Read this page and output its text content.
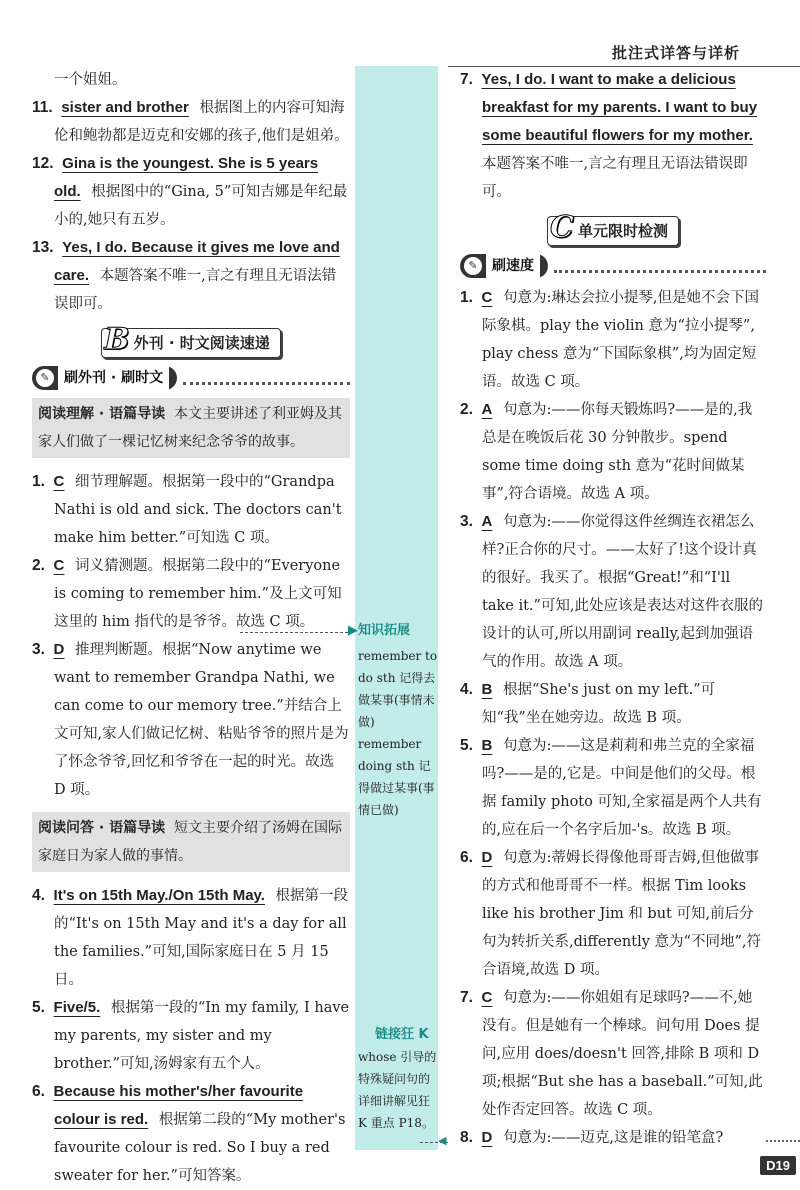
批注式详答与详析

一个姐姐。

11. sister and brother 根据图上的内容可知海伦和鲍勃都是迈克和安娜的孩子,他们是姐弟。

12. Gina is the youngest. She is 5 years old. 根据图中的“Gina, 5”可知吉娜是年纪最小的,她只有五岁。

13. Yes, I do. Because it gives me love and care. 本题答案不唯一,言之有理且无语法错误即可。

B 外刊 · 时文阅读速递
✎	刷外刊 · 刷时文
阅读理解 · 语篇导读 本文主要讲述了利亚姆及其家人们做了一棵记忆树来纪念爷爷的故事。

1. C 细节理解题。根据第一段中的“Grandpa Nathi is old and sick. The doctors can't make him better.”可知选 C 项。

2. C 词义猜测题。根据第二段中的“Everyone is coming to remember him.”及上文可知这里的 him 指代的是爷爷。故选 C 项。

3. D 推理判断题。根据“Now anytime we want to remember Grandpa Nathi, we can come to our memory tree.”并结合上文可知,家人们做记忆树、粘贴爷爷的照片是为了怀念爷爷,回忆和爷爷在一起的时光。故选 D 项。

阅读问答 · 语篇导读 短文主要介绍了汤姆在国际家庭日为家人做的事情。

4. It's on 15th May./On 15th May. 根据第一段的“It's on 15th May and it's a day for all the families.”可知,国际家庭日在 5 月 15 日。

5. Five/5. 根据第一段的“In my family, I have my parents, my sister and my brother.”可知,汤姆家有五个人。

6. Because his mother's/her favourite colour is red. 根据第二段的“My mother's favourite colour is red. So I buy a red sweater for her.”可知答案。

▶知识拓展
remember to do sth 记得去做某事(事情未做) remember doing sth 记得做过某事(事情已做)
链接狂 K
whose 引导的特殊疑问句的详细讲解见狂 K 重点 P18。
◀

7. Yes, I do. I want to make a delicious breakfast for my parents. I want to buy some beautiful flowers for my mother. 本题答案不唯一,言之有理且无语法错误即可。

C 单元限时检测
✎	刷速度

1. C 句意为:琳达会拉小提琴,但是她不会下国际象棋。play the violin 意为“拉小提琴”, play chess 意为“下国际象棋”,均为固定短语。故选 C 项。

2. A 句意为:——你每天锻炼吗?——是的,我总是在晚饭后花 30 分钟散步。spend some time doing sth 意为“花时间做某事”,符合语境。故选 A 项。

3. A 句意为:——你觉得这件丝绸连衣裙怎么样?正合你的尺寸。——太好了!这个设计真的很好。我买了。根据“Great!”和“I'll take it.”可知,此处应该是表达对这件衣服的设计的认可,所以用副词 really,起到加强语气的作用。故选 A 项。

4. B 根据“She's just on my left.”可知“我”坐在她旁边。故选 B 项。

5. B 句意为:——这是莉莉和弗兰克的全家福吗?——是的,它是。中间是他们的父母。根据 family photo 可知,全家福是两个人共有的,应在后一个名字后加-'s。故选 B 项。

6. D 句意为:蒂姆长得像他哥哥吉姆,但他做事的方式和他哥哥不一样。根据 Tim looks like his brother Jim 和 but 可知,前后分句为转折关系,differently 意为“不同地”,符合语境,故选 D 项。

7. C 句意为:——你姐姐有足球吗?——不,她没有。但是她有一个棒球。问句用 Does 提问,应用 does/doesn't 回答,排除 B 项和 D 项;根据“But she has a baseball.”可知,此处作否定回答。故选 C 项。

8. D 句意为:——迈克,这是谁的铅笔盒?

D19
